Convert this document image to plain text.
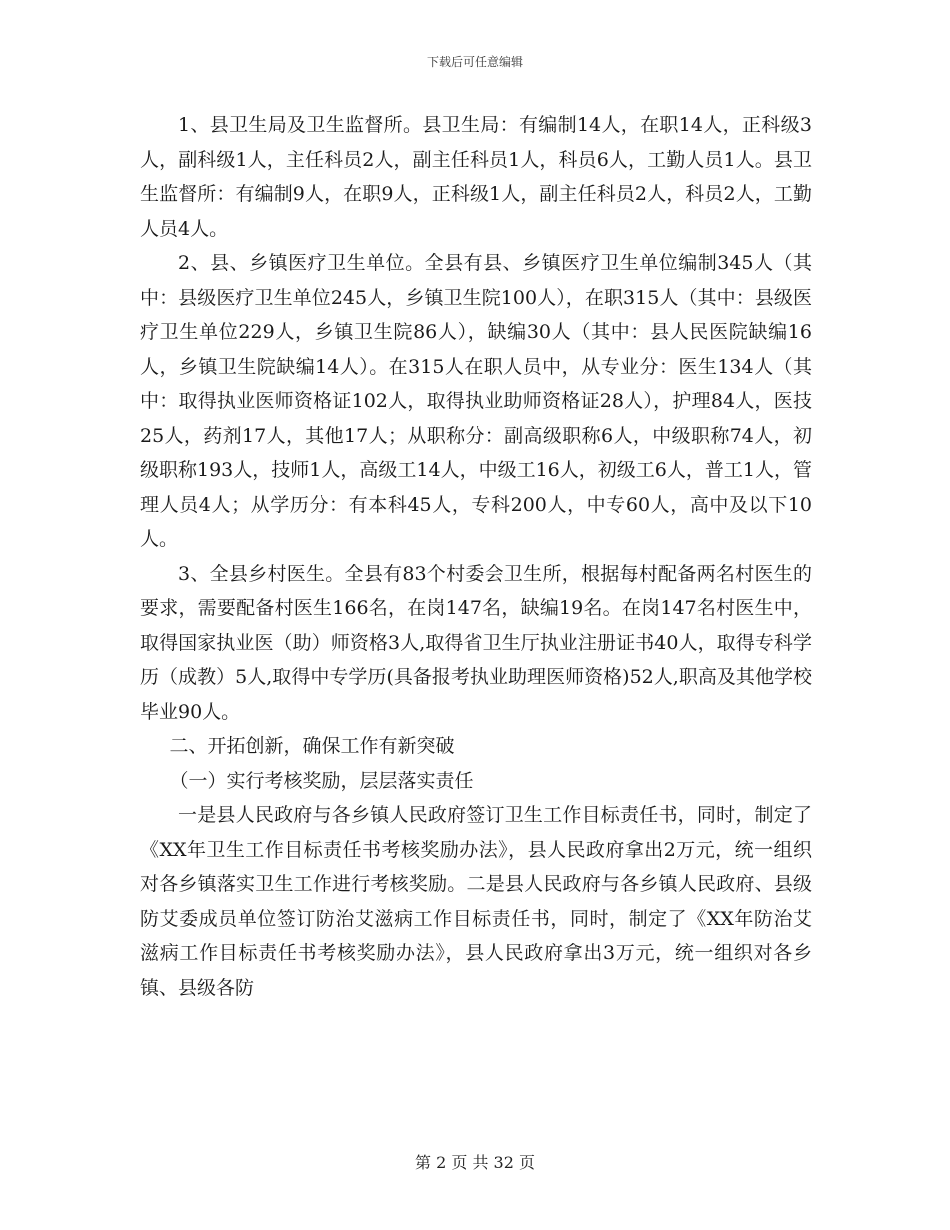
下载后可任意编辑

1、县卫生局及卫生监督所。县卫生局：有编制14人，在职14人，正科级3人，副科级1人，主任科员2人，副主任科员1人，科员6人，工勤人员1人。县卫生监督所：有编制9人，在职9人，正科级1人，副主任科员2人，科员2人，工勤人员4人。

2、县、乡镇医疗卫生单位。全县有县、乡镇医疗卫生单位编制345人（其中：县级医疗卫生单位245人，乡镇卫生院100人），在职315人（其中：县级医疗卫生单位229人，乡镇卫生院86人），缺编30人（其中：县人民医院缺编16人，乡镇卫生院缺编14人）。在315人在职人员中，从专业分：医生134人（其中：取得执业医师资格证102人，取得执业助师资格证28人），护理84人，医技25人，药剂17人，其他17人；从职称分：副高级职称6人，中级职称74人，初级职称193人，技师1人，高级工14人，中级工16人，初级工6人，普工1人，管理人员4人；从学历分：有本科45人，专科200人，中专60人，高中及以下10人。

3、全县乡村医生。全县有83个村委会卫生所，根据每村配备两名村医生的要求，需要配备村医生166名，在岗147名，缺编19名。在岗147名村医生中，取得国家执业医（助）师资格3人,取得省卫生厅执业注册证书40人，取得专科学历（成教）5人,取得中专学历(具备报考执业助理医师资格)52人,职高及其他学校毕业90人。

二、开拓创新，确保工作有新突破

（一）实行考核奖励，层层落实责任

一是县人民政府与各乡镇人民政府签订卫生工作目标责任书，同时，制定了《XX年卫生工作目标责任书考核奖励办法》，县人民政府拿出2万元，统一组织对各乡镇落实卫生工作进行考核奖励。二是县人民政府与各乡镇人民政府、县级防艾委成员单位签订防治艾滋病工作目标责任书，同时，制定了《XX年防治艾滋病工作目标责任书考核奖励办法》，县人民政府拿出3万元，统一组织对各乡镇、县级各防

第 2 页 共 32 页
